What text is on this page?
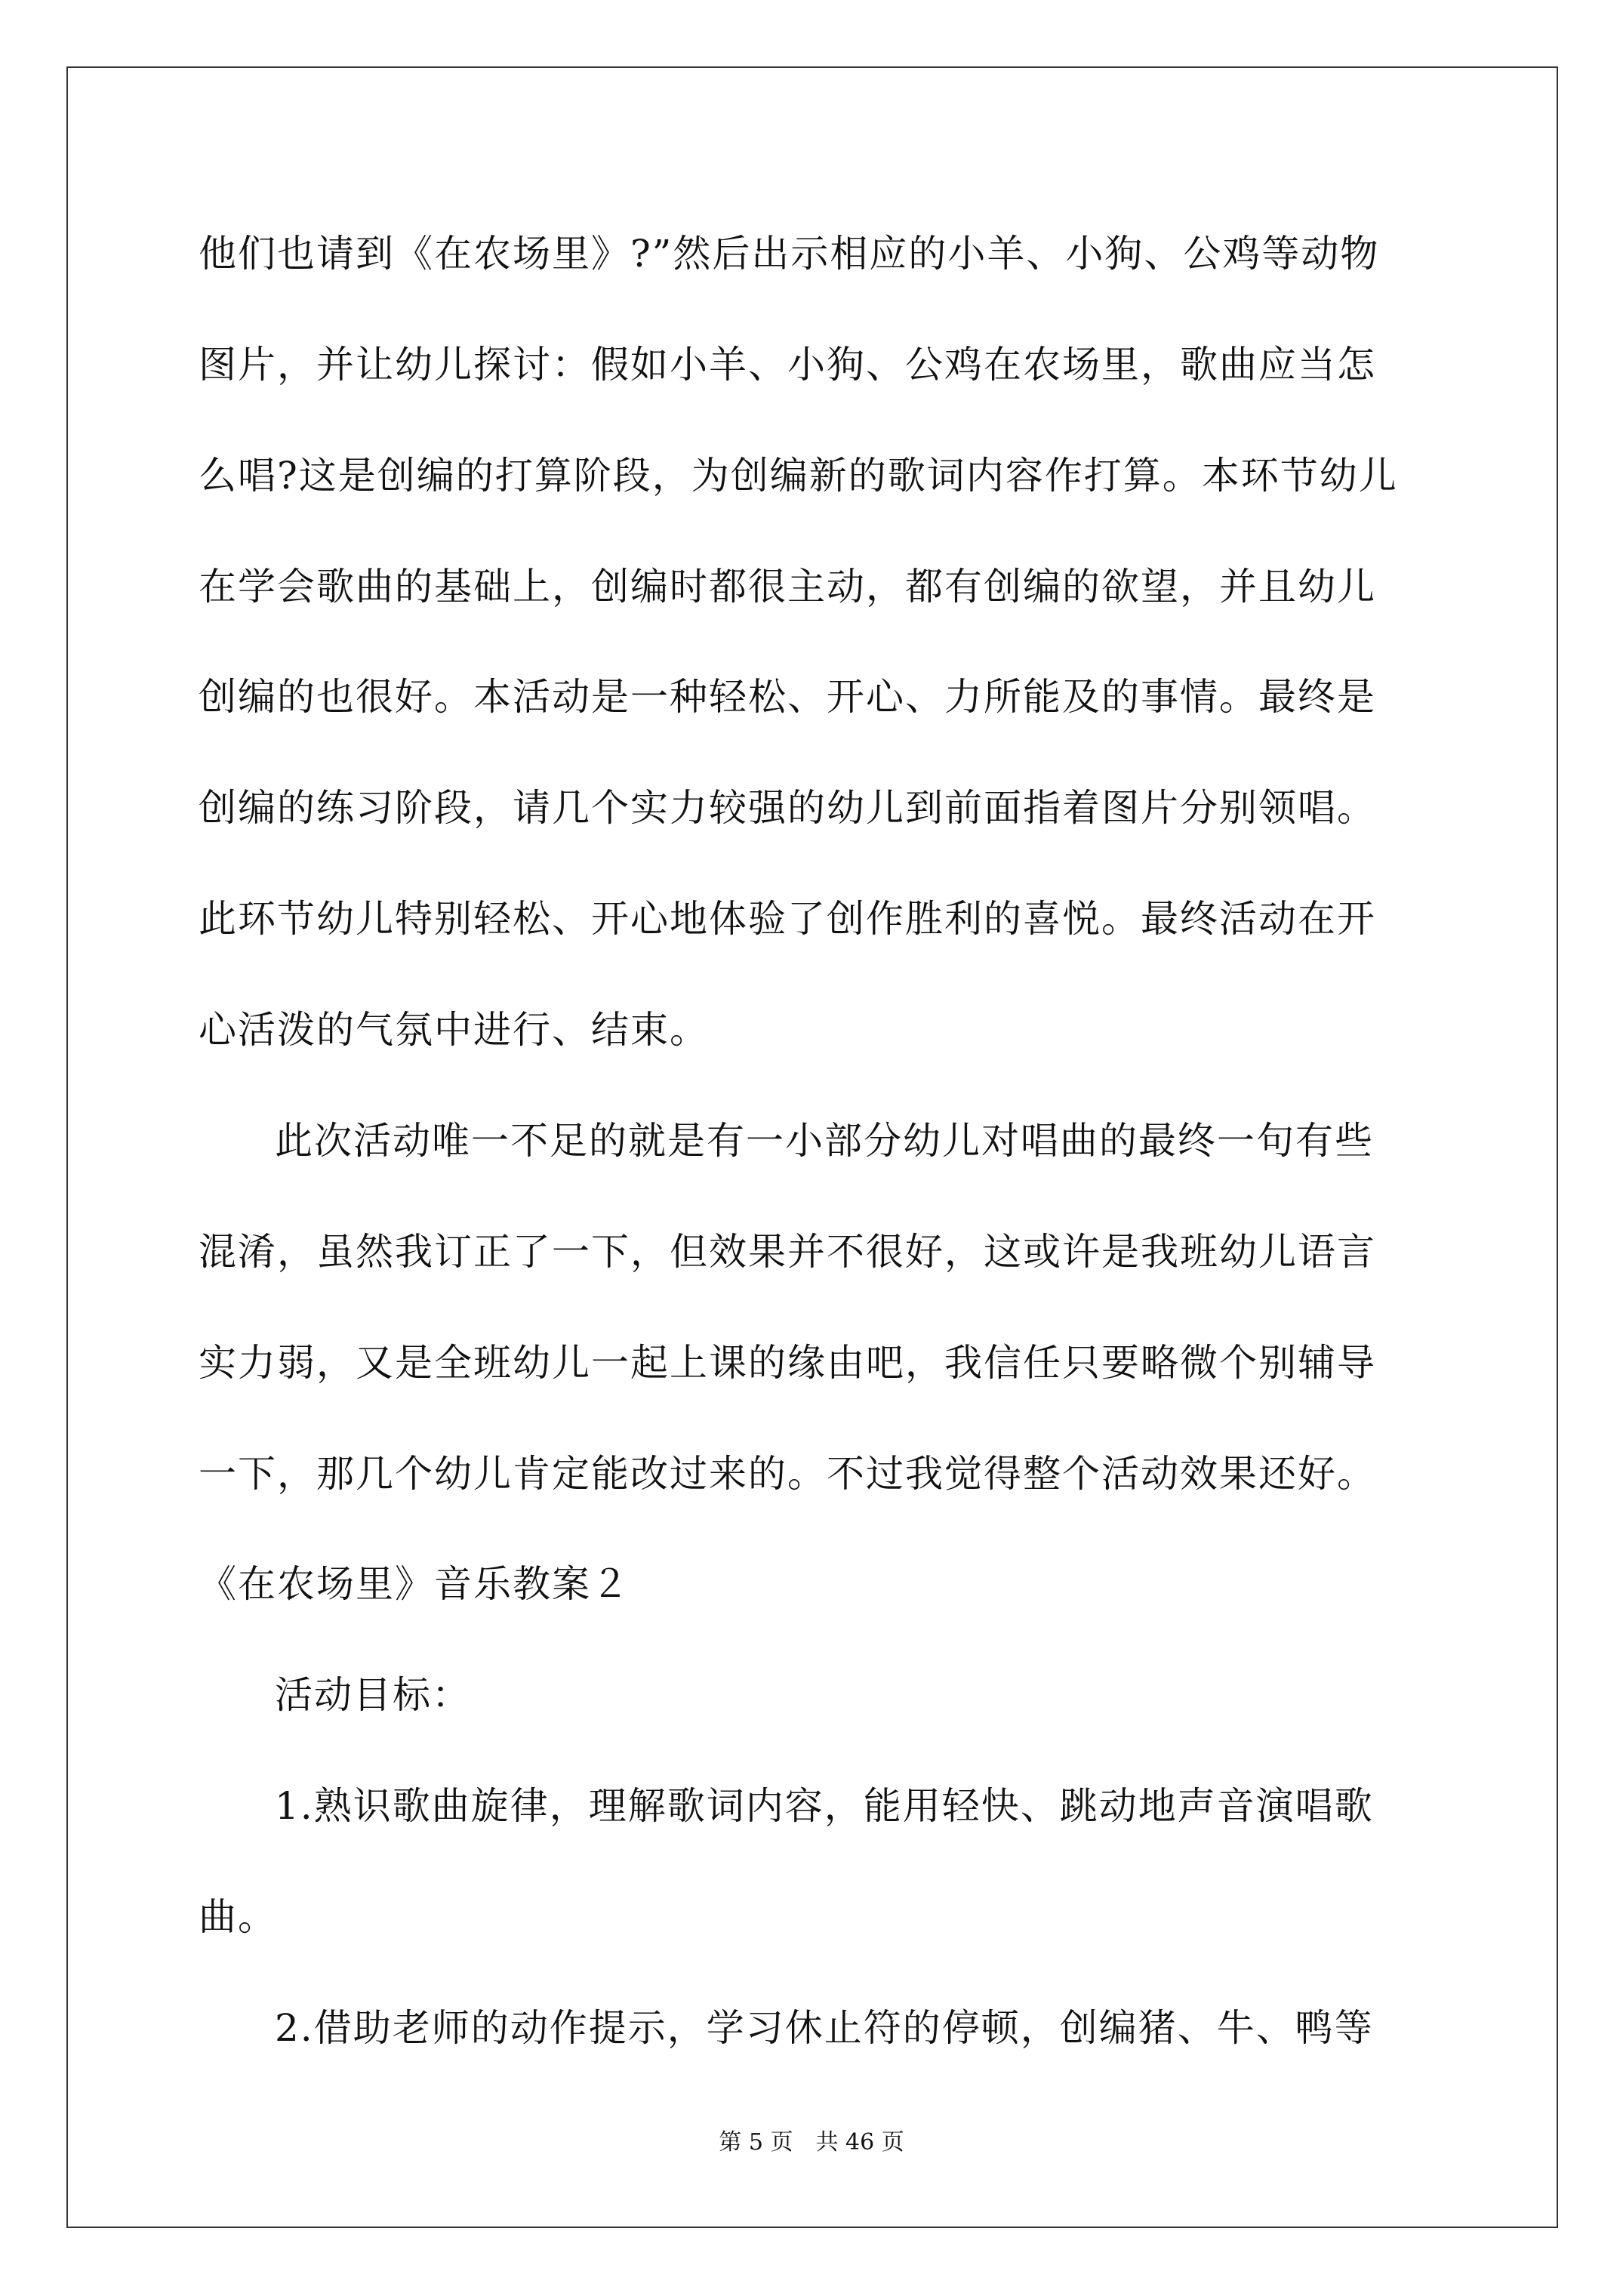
他们也请到《在农场里》?”然后出示相应的小羊、小狗、公鸡等动物
图片，并让幼儿探讨：假如小羊、小狗、公鸡在农场里，歌曲应当怎
么唱?这是创编的打算阶段，为创编新的歌词内容作打算。本环节幼儿
在学会歌曲的基础上，创编时都很主动，都有创编的欲望，并且幼儿
创编的也很好。本活动是一种轻松、开心、力所能及的事情。最终是
创编的练习阶段，请几个实力较强的幼儿到前面指着图片分别领唱。
此环节幼儿特别轻松、开心地体验了创作胜利的喜悦。最终活动在开
心活泼的气氛中进行、结束。
此次活动唯一不足的就是有一小部分幼儿对唱曲的最终一句有些
混淆，虽然我订正了一下，但效果并不很好，这或许是我班幼儿语言
实力弱，又是全班幼儿一起上课的缘由吧，我信任只要略微个别辅导
一下，那几个幼儿肯定能改过来的。不过我觉得整个活动效果还好。
《在农场里》音乐教案２
活动目标：
1.熟识歌曲旋律，理解歌词内容，能用轻快、跳动地声音演唱歌
曲。
2.借助老师的动作提示，学习休止符的停顿，创编猪、牛、鸭等
第 5 页　共 46 页
